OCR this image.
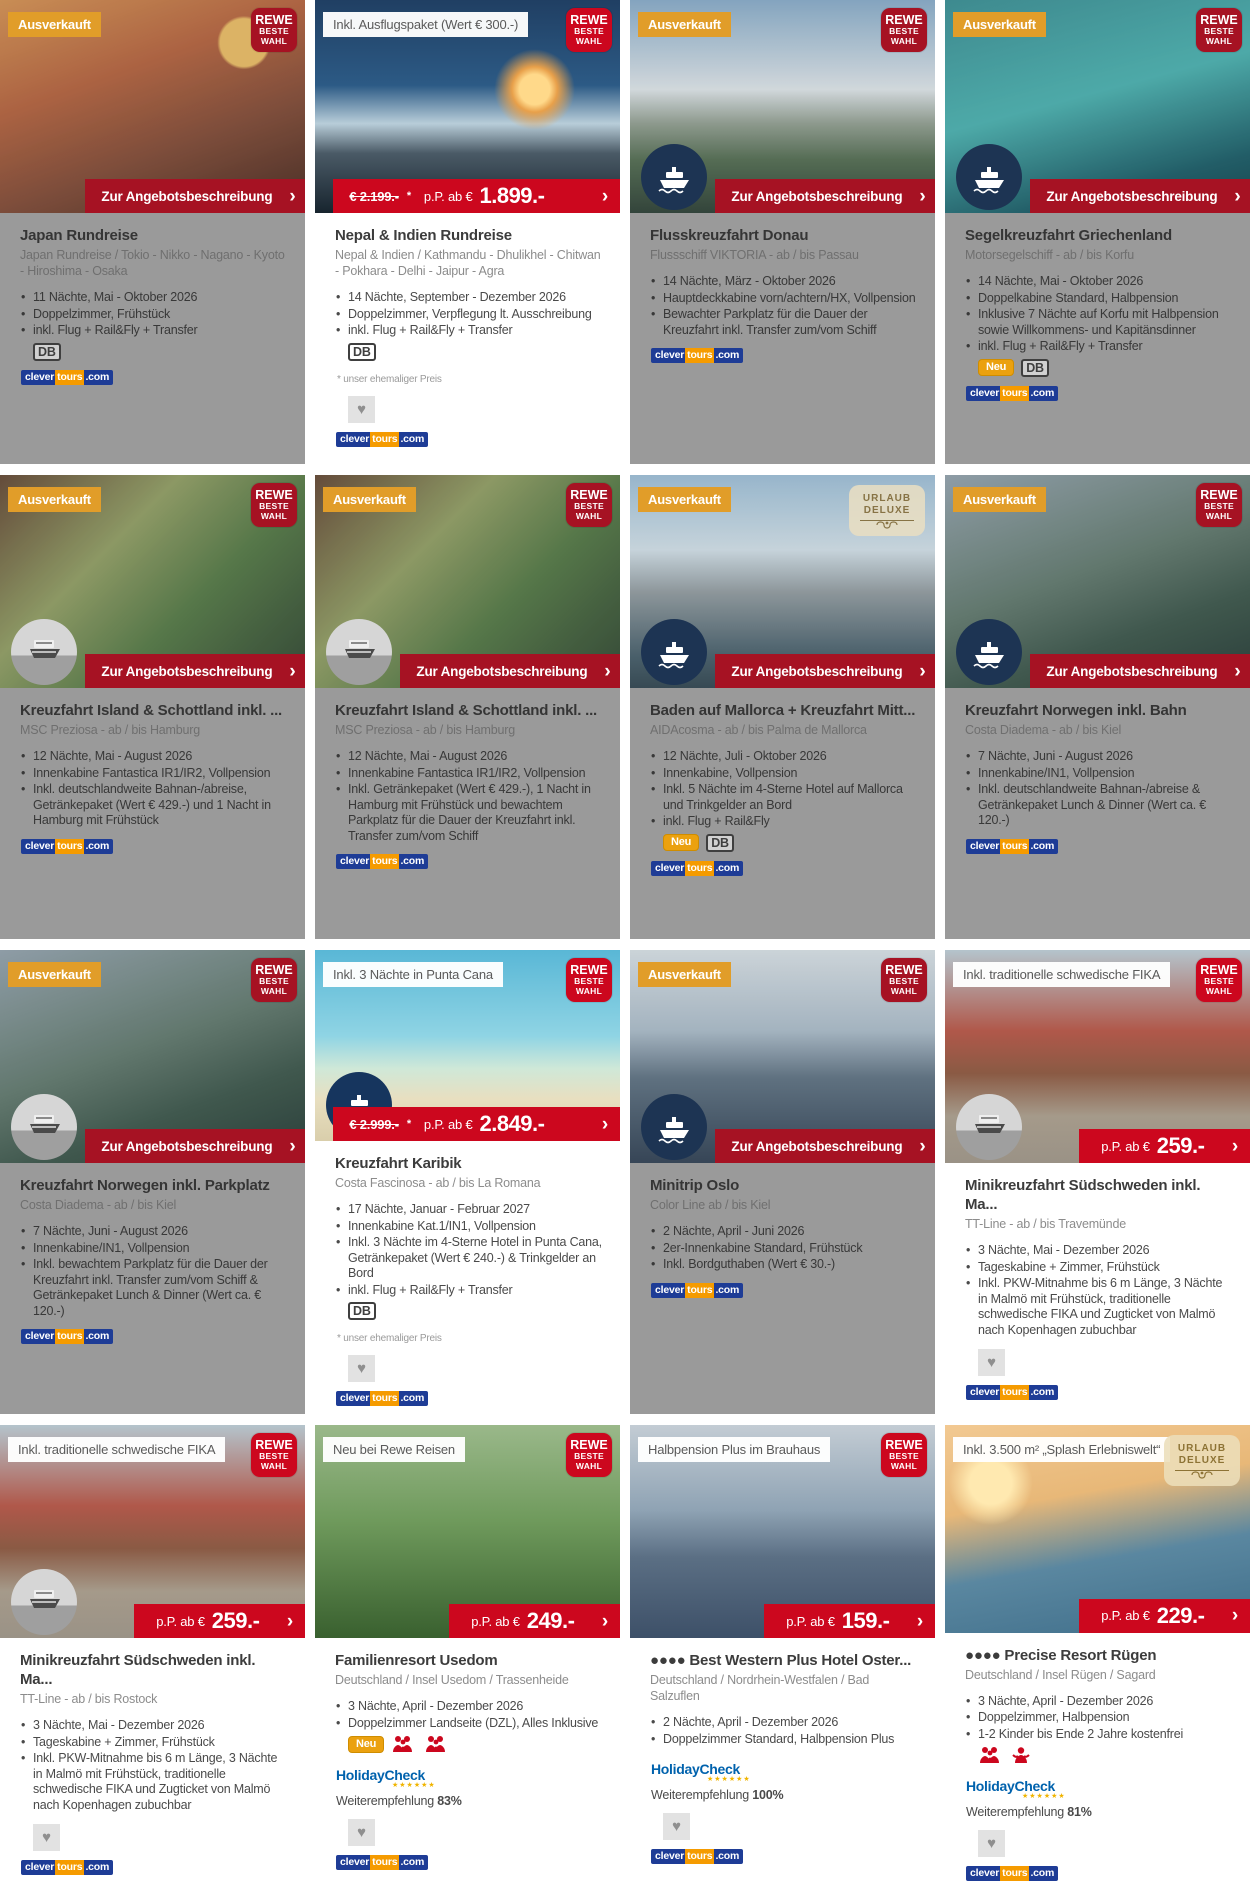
Ausverkauft	REWE
BESTE
WAHL
Zur Angebotsbeschreibung ›
Japan Rundreise
Japan Rundreise / Tokio - Nikko - Nagano - Kyoto - Hiroshima - Osaka
• 11 Nächte, Mai - Oktober 2026
• Doppelzimmer, Frühstück
• inkl. Flug + Rail&Fly + Transfer
DB
clever tours .com
Inkl. Ausflugspaket (Wert € 300.-)	REWE
BESTE
WAHL
€ 2.199.- * p.P. ab € 1.899.-	›
Nepal & Indien Rundreise
Nepal & Indien / Kathmandu - Dhulikhel - Chitwan - Pokhara - Delhi - Jaipur - Agra
• 14 Nächte, September - Dezember 2026
• Doppelzimmer, Verpflegung lt. Ausschreibung
• inkl. Flug + Rail&Fly + Transfer
DB
* unser ehemaliger Preis
♥
clever tours .com
Ausverkauft	REWE
BESTE
WAHL
Zur Angebotsbeschreibung ›
Flusskreuzfahrt Donau
Flussschiff VIKTORIA - ab / bis Passau
• 14 Nächte, März - Oktober 2026
• Hauptdeckkabine vorn/achtern/HX, Vollpension
• Bewachter Parkplatz für die Dauer der Kreuzfahrt inkl. Transfer zum/vom Schiff
clever tours .com
Ausverkauft	REWE
BESTE
WAHL
Zur Angebotsbeschreibung ›
Segelkreuzfahrt Griechenland
Motorsegelschiff - ab / bis Korfu
• 14 Nächte, Mai - Oktober 2026
• Doppelkabine Standard, Halbpension
• Inklusive 7 Nächte auf Korfu mit Halbpension sowie Willkommens- und Kapitänsdinner
• inkl. Flug + Rail&Fly + Transfer
Neu	DB
clever tours .com
Ausverkauft	REWE
BESTE
WAHL
Zur Angebotsbeschreibung ›
Kreuzfahrt Island & Schottland inkl. ...
MSC Preziosa - ab / bis Hamburg
• 12 Nächte, Mai - August 2026
• Innenkabine Fantastica IR1/IR2, Vollpension
• Inkl. deutschlandweite Bahnan-/abreise, Getränkepaket (Wert € 429.-) und 1 Nacht in Hamburg mit Frühstück
clever tours .com
Ausverkauft	REWE
BESTE
WAHL
Zur Angebotsbeschreibung ›
Kreuzfahrt Island & Schottland inkl. ...
MSC Preziosa - ab / bis Hamburg
• 12 Nächte, Mai - August 2026
• Innenkabine Fantastica IR1/IR2, Vollpension
• Inkl. Getränkepaket (Wert € 429.-), 1 Nacht in Hamburg mit Frühstück und bewachtem Parkplatz für die Dauer der Kreuzfahrt inkl. Transfer zum/vom Schiff
clever tours .com
Ausverkauft	URLAUB
DELUXE
Zur Angebotsbeschreibung ›
Baden auf Mallorca + Kreuzfahrt Mitt...
AIDAcosma - ab / bis Palma de Mallorca
• 12 Nächte, Juli - Oktober 2026
• Innenkabine, Vollpension
• Inkl. 5 Nächte im 4-Sterne Hotel auf Mallorca und Trinkgelder an Bord
• inkl. Flug + Rail&Fly
Neu	DB
clever tours .com
Ausverkauft	REWE
BESTE
WAHL
Zur Angebotsbeschreibung ›
Kreuzfahrt Norwegen inkl. Bahn
Costa Diadema - ab / bis Kiel
• 7 Nächte, Juni - August 2026
• Innenkabine/IN1, Vollpension
• Inkl. deutschlandweite Bahnan-/abreise & Getränkepaket Lunch & Dinner (Wert ca. € 120.-)
clever tours .com
Ausverkauft	REWE
BESTE
WAHL
Zur Angebotsbeschreibung ›
Kreuzfahrt Norwegen inkl. Parkplatz
Costa Diadema - ab / bis Kiel
• 7 Nächte, Juni - August 2026
• Innenkabine/IN1, Vollpension
• Inkl. bewachtem Parkplatz für die Dauer der Kreuzfahrt inkl. Transfer zum/vom Schiff & Getränkepaket Lunch & Dinner (Wert ca. € 120.-)
clever tours .com
Inkl. 3 Nächte in Punta Cana	REWE
BESTE
WAHL
€ 2.999.- * p.P. ab € 2.849.-	›
Kreuzfahrt Karibik
Costa Fascinosa - ab / bis La Romana
• 17 Nächte, Januar - Februar 2027
• Innenkabine Kat.1/IN1, Vollpension
• Inkl. 3 Nächte im 4-Sterne Hotel in Punta Cana, Getränkepaket (Wert € 240.-) & Trinkgelder an Bord
• inkl. Flug + Rail&Fly + Transfer
DB
* unser ehemaliger Preis
♥
clever tours .com
Ausverkauft	REWE
BESTE
WAHL
Zur Angebotsbeschreibung ›
Minitrip Oslo
Color Line ab / bis Kiel
• 2 Nächte, April - Juni 2026
• 2er-Innenkabine Standard, Frühstück
• Inkl. Bordguthaben (Wert € 30.-)
clever tours .com
Inkl. traditionelle schwedische FIKA	REWE
BESTE
WAHL
p.P. ab € 259.-	›
Minikreuzfahrt Südschweden inkl. Ma...
TT-Line - ab / bis Travemünde
• 3 Nächte, Mai - Dezember 2026
• Tageskabine + Zimmer, Frühstück
• Inkl. PKW-Mitnahme bis 6 m Länge, 3 Nächte in Malmö mit Frühstück, traditionelle schwedische FIKA und Zugticket von Malmö nach Kopenhagen zubuchbar
♥
clever tours .com
Inkl. traditionelle schwedische FIKA	REWE
BESTE
WAHL
p.P. ab € 259.-	›
Minikreuzfahrt Südschweden inkl. Ma...
TT-Line - ab / bis Rostock
• 3 Nächte, Mai - Dezember 2026
• Tageskabine + Zimmer, Frühstück
• Inkl. PKW-Mitnahme bis 6 m Länge, 3 Nächte in Malmö mit Frühstück, traditionelle schwedische FIKA und Zugticket von Malmö nach Kopenhagen zubuchbar
♥
clever tours .com
Neu bei Rewe Reisen	REWE
BESTE
WAHL
p.P. ab € 249.-	›
Familienresort Usedom
Deutschland / Insel Usedom / Trassenheide
• 3 Nächte, April - Dezember 2026
• Doppelzimmer Landseite (DZL), Alles Inklusive
Neu
HolidayCheck
★★★★★★
Weiterempfehlung 83%
♥
clever tours .com
Halbpension Plus im Brauhaus	REWE
BESTE
WAHL
p.P. ab € 159.-	›
●●●● Best Western Plus Hotel Oster...
Deutschland / Nordrhein-Westfalen / Bad Salzuflen
• 2 Nächte, April - Dezember 2026
• Doppelzimmer Standard, Halbpension Plus
HolidayCheck
★★★★★★
Weiterempfehlung 100%
♥
clever tours .com
Inkl. 3.500 m² „Splash Erlebniswelt“	URLAUB
DELUXE
p.P. ab € 229.-	›
●●●● Precise Resort Rügen
Deutschland / Insel Rügen / Sagard
• 3 Nächte, April - Dezember 2026
• Doppelzimmer, Halbpension
• 1-2 Kinder bis Ende 2 Jahre kostenfrei
HolidayCheck
★★★★★★
Weiterempfehlung 81%
♥
clever tours .com
